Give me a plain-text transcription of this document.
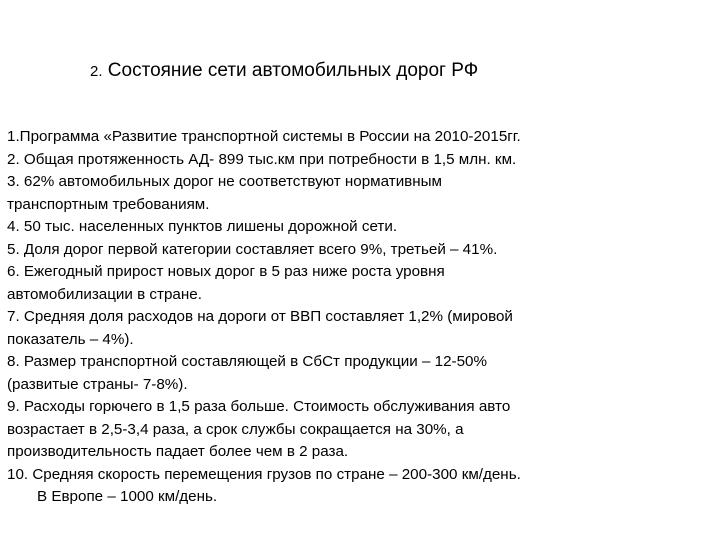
2. Состояние сети автомобильных дорог РФ
1.Программа «Развитие транспортной системы в России на 2010-2015гг.
2. Общая протяженность АД- 899 тыс.км при потребности в 1,5 млн. км.
3. 62% автомобильных дорог не соответствуют нормативным
транспортным требованиям.
4. 50 тыс. населенных пунктов лишены дорожной сети.
5. Доля дорог первой категории составляет всего 9%, третьей – 41%.
6. Ежегодный прирост новых дорог в 5 раз ниже роста уровня
автомобилизации в стране.
7. Средняя доля расходов на дороги от ВВП составляет 1,2% (мировой
показатель – 4%).
8. Размер транспортной составляющей в СбСт продукции – 12-50%
(развитые страны- 7-8%).
9. Расходы горючего в 1,5 раза больше. Стоимость обслуживания авто
возрастает в 2,5-3,4 раза, а срок службы сокращается на 30%, а
производительность падает более чем в 2 раза.
10. Средняя скорость перемещения грузов по стране – 200-300 км/день.
В Европе – 1000 км/день.
